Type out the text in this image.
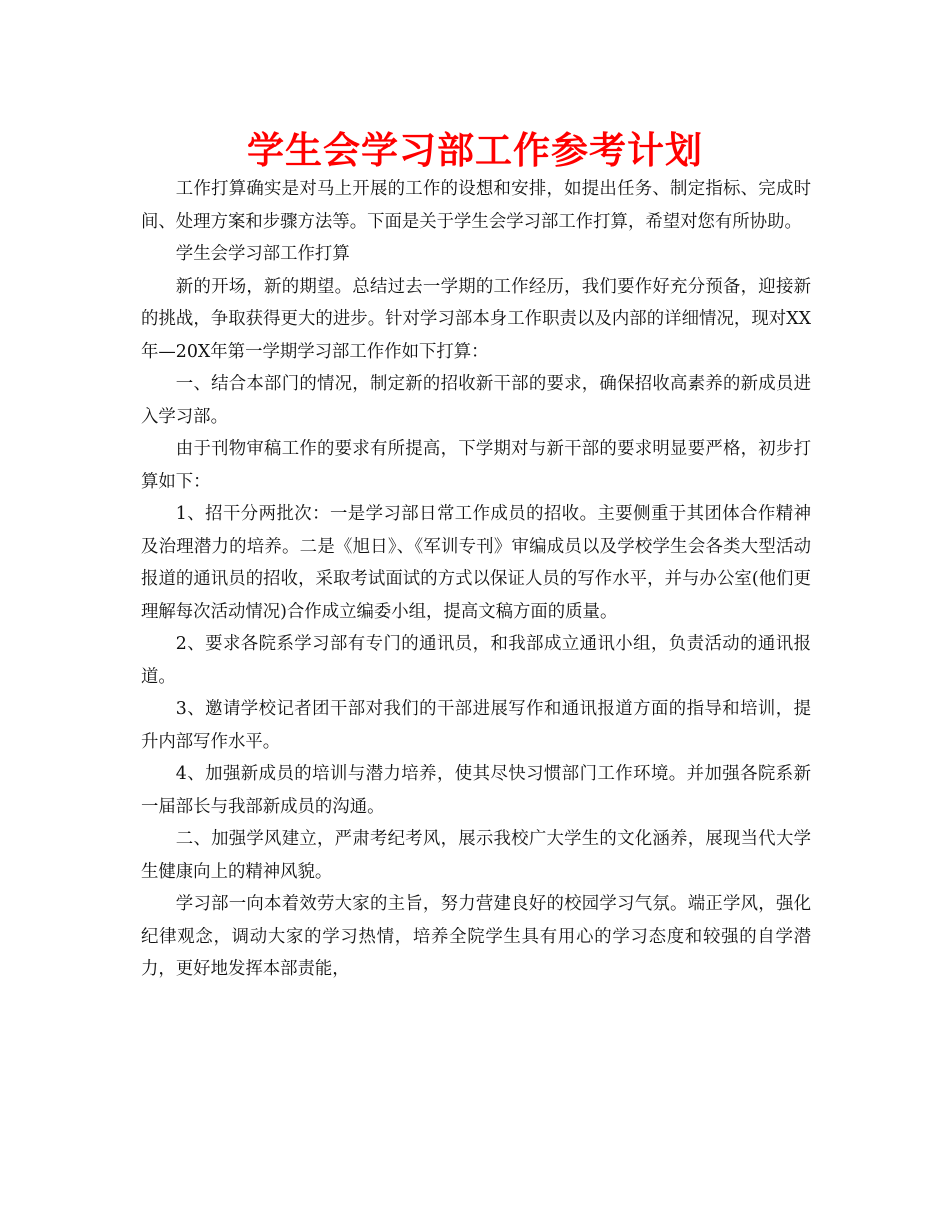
学生会学习部工作参考计划

工作打算确实是对马上开展的工作的设想和安排，如提出任务、制定指标、完成时间、处理方案和步骤方法等。下面是关于学生会学习部工作打算，希望对您有所协助。

学生会学习部工作打算

新的开场，新的期望。总结过去一学期的工作经历，我们要作好充分预备，迎接新的挑战，争取获得更大的进步。针对学习部本身工作职责以及内部的详细情况，现对XX年—20X年第一学期学习部工作作如下打算：

一、结合本部门的情况，制定新的招收新干部的要求，确保招收高素养的新成员进入学习部。

由于刊物审稿工作的要求有所提高，下学期对与新干部的要求明显要严格，初步打算如下：

1、招干分两批次：一是学习部日常工作成员的招收。主要侧重于其团体合作精神及治理潜力的培养。二是《旭日》、《军训专刊》审编成员以及学校学生会各类大型活动报道的通讯员的招收，采取考试面试的方式以保证人员的写作水平，并与办公室(他们更理解每次活动情况)合作成立编委小组，提高文稿方面的质量。

2、要求各院系学习部有专门的通讯员，和我部成立通讯小组，负责活动的通讯报道。

3、邀请学校记者团干部对我们的干部进展写作和通讯报道方面的指导和培训，提升内部写作水平。

4、加强新成员的培训与潜力培养，使其尽快习惯部门工作环境。并加强各院系新一届部长与我部新成员的沟通。

二、加强学风建立，严肃考纪考风，展示我校广大学生的文化涵养，展现当代大学生健康向上的精神风貌。

学习部一向本着效劳大家的主旨，努力营建良好的校园学习气氛。端正学风，强化纪律观念，调动大家的学习热情，培养全院学生具有用心的学习态度和较强的自学潜力，更好地发挥本部责能，
